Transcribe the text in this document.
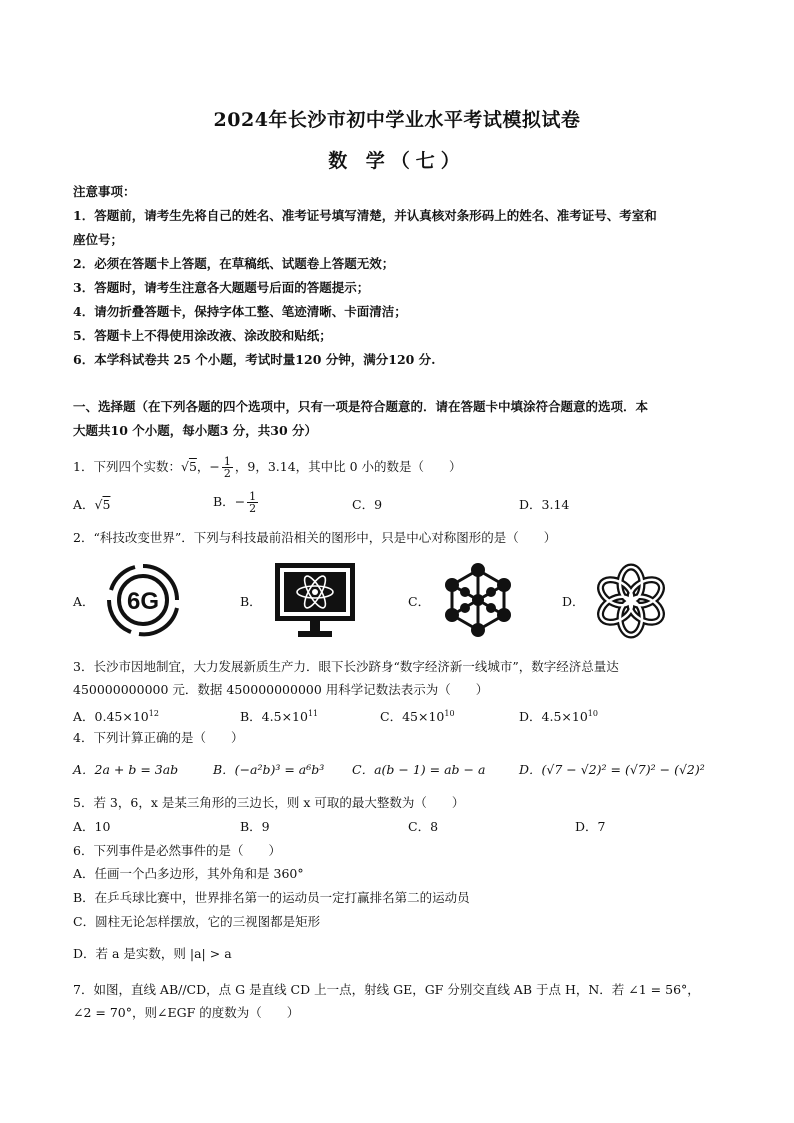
2024年长沙市初中学业水平考试模拟试卷
数 学（七）
注意事项：
1．答题前，请考生先将自己的姓名、准考证号填写清楚，并认真核对条形码上的姓名、准考证号、考室和
座位号；
2．必须在答题卡上答题，在草稿纸、试题卷上答题无效；
3．答题时，请考生注意各大题题号后面的答题提示；
4．请勿折叠答题卡，保持字体工整、笔迹清晰、卡面清洁；
5．答题卡上不得使用涂改液、涂改胶和贴纸；
6．本学科试卷共 25 个小题，考试时量120 分钟，满分120 分.
一、选择题（在下列各题的四个选项中，只有一项是符合题意的．请在答题卡中填涂符合题意的选项．本
大题共10 个小题，每小题3 分，共30 分）
1．下列四个实数：√5，− $\frac{1}{2}$ ，9，3.14，其中比 0 小的数是（　　）
A．√5	B．− $\frac{1}{2}$	C．9	D．3.14
2．“科技改变世界”．下列与科技最前沿相关的图形中，只是中心对称图形的是（　　）
A． 6G	B．	C．	D．
3．长沙市因地制宜，大力发展新质生产力．眼下长沙跻身“数字经济新一线城市”，数字经济总量达
450000000000 元．数据 450000000000 用科学记数法表示为（　　）
A．$0.45\times 10^{12}$	B．$4.5\times 10^{11}$	C．$45\times 10^{10}$	D．$4.5\times 10^{10}$
4．下列计算正确的是（　　）
A．2a + b = 3ab	B．(−a²b)³ = a⁶b³ C．a(b − 1) = ab − a	D．(√7 − √2)² = (√7)² − (√2)²
5．若 3，6，x 是某三角形的三边长，则 x 可取的最大整数为（　　）
A．10	B．9	C．8	D．7
6．下列事件是必然事件的是（　　）
A．任画一个凸多边形，其外角和是 360°
B．在乒乓球比赛中，世界排名第一的运动员一定打赢排名第二的运动员
C．圆柱无论怎样摆放，它的三视图都是矩形
D．若 a 是实数，则 |a| > a
7．如图，直线 AB//CD，点 G 是直线 CD 上一点，射线 GE，GF 分别交直线 AB 于点 H，N．若 ∠1 = 56°，
∠2 = 70°，则∠EGF 的度数为（　　）
